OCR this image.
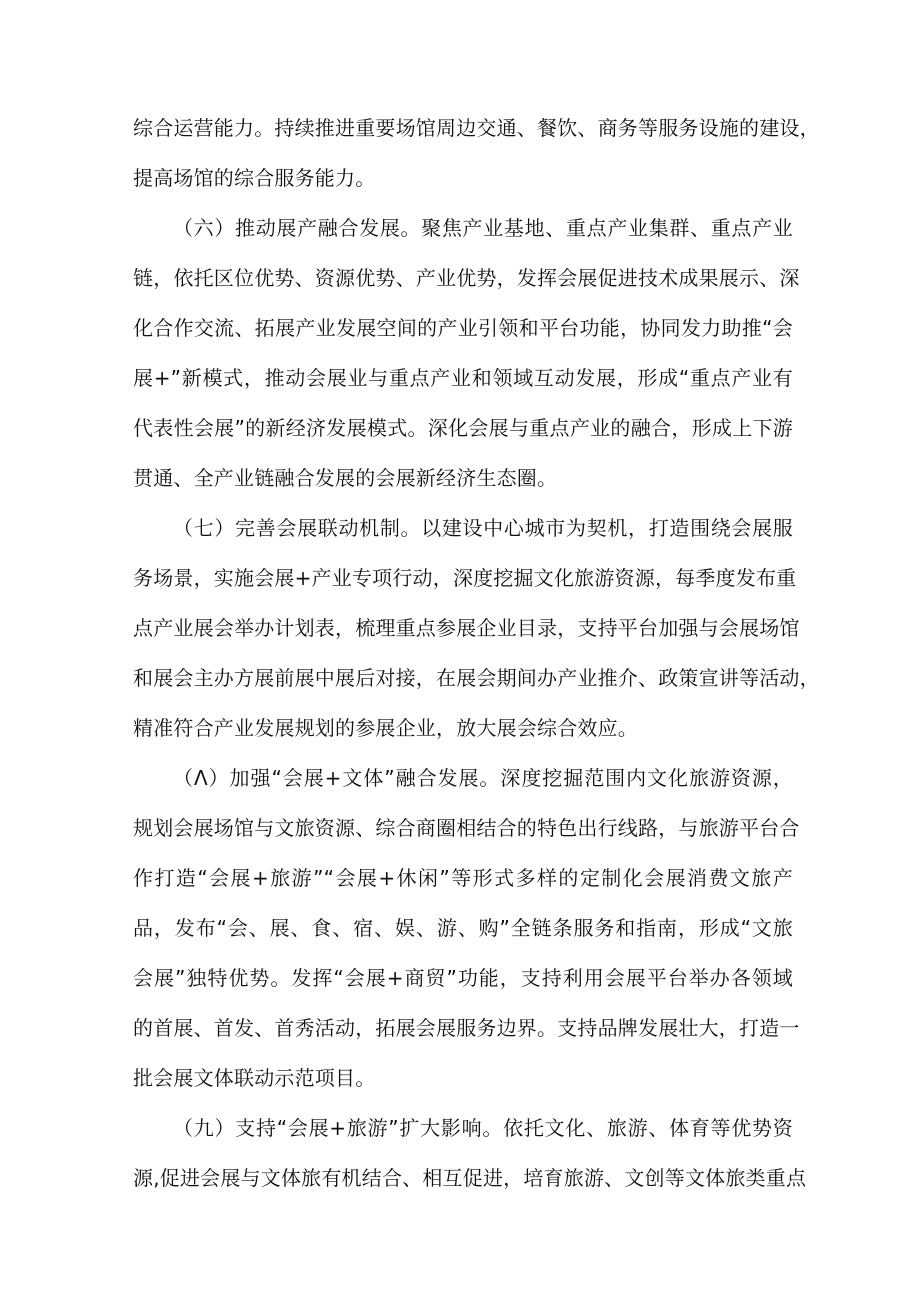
综合运营能力。持续推进重要场馆周边交通、餐饮、商务等服务设施的建设，
提高场馆的综合服务能力。
（六）推动展产融合发展。聚焦产业基地、重点产业集群、重点产业
链，依托区位优势、资源优势、产业优势，发挥会展促进技术成果展示、深
化合作交流、拓展产业发展空间的产业引领和平台功能，协同发力助推“会
展+”新模式，推动会展业与重点产业和领域互动发展，形成“重点产业有
代表性会展”的新经济发展模式。深化会展与重点产业的融合，形成上下游
贯通、全产业链融合发展的会展新经济生态圈。
（七）完善会展联动机制。以建设中心城市为契机，打造围绕会展服
务场景，实施会展+产业专项行动，深度挖掘文化旅游资源，每季度发布重
点产业展会举办计划表，梳理重点参展企业目录，支持平台加强与会展场馆
和展会主办方展前展中展后对接，在展会期间办产业推介、政策宣讲等活动，
精准符合产业发展规划的参展企业，放大展会综合效应。
（Λ）加强“会展+文体”融合发展。深度挖掘范围内文化旅游资源，
规划会展场馆与文旅资源、综合商圈相结合的特色出行线路，与旅游平台合
作打造“会展+旅游”“会展+休闲”等形式多样的定制化会展消费文旅产
品，发布“会、展、食、宿、娱、游、购”全链条服务和指南，形成“文旅
会展”独特优势。发挥“会展+商贸”功能，支持利用会展平台举办各领域
的首展、首发、首秀活动，拓展会展服务边界。支持品牌发展壮大，打造一
批会展文体联动示范项目。
（九）支持“会展+旅游”扩大影响。依托文化、旅游、体育等优势资
源,促进会展与文体旅有机结合、相互促进，培育旅游、文创等文体旅类重点
